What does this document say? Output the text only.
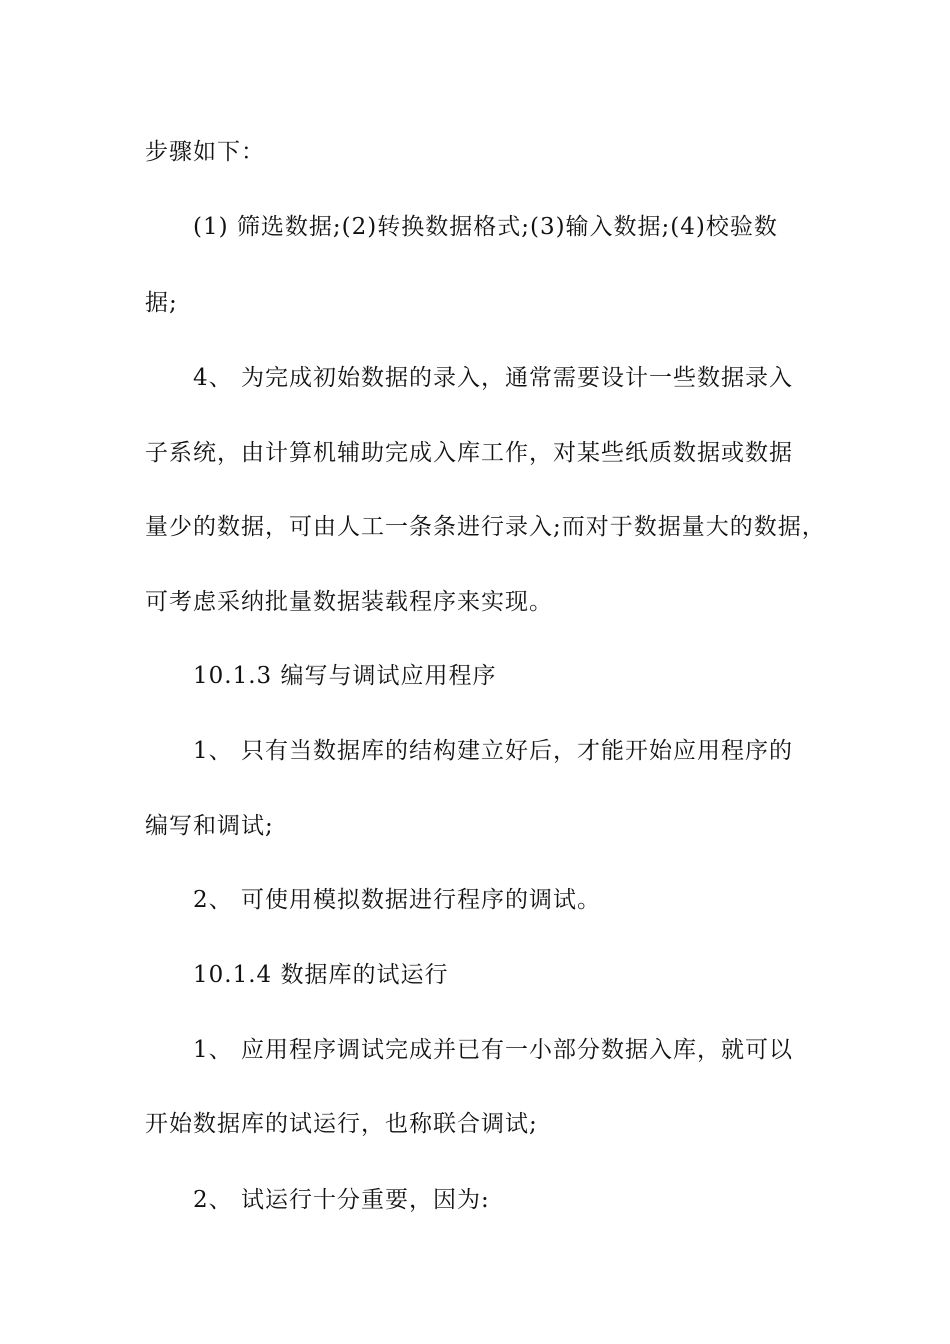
步骤如下：
(1) 筛选数据;(2)转换数据格式;(3)输入数据;(4)校验数
据;
4、 为完成初始数据的录入，通常需要设计一些数据录入
子系统，由计算机辅助完成入库工作，对某些纸质数据或数据
量少的数据，可由人工一条条进行录入;而对于数据量大的数据，
可考虑采纳批量数据装载程序来实现。
10.1.3 编写与调试应用程序
1、 只有当数据库的结构建立好后，才能开始应用程序的
编写和调试;
2、 可使用模拟数据进行程序的调试。
10.1.4 数据库的试运行
1、 应用程序调试完成并已有一小部分数据入库，就可以
开始数据库的试运行，也称联合调试;
2、 试运行十分重要，因为:
